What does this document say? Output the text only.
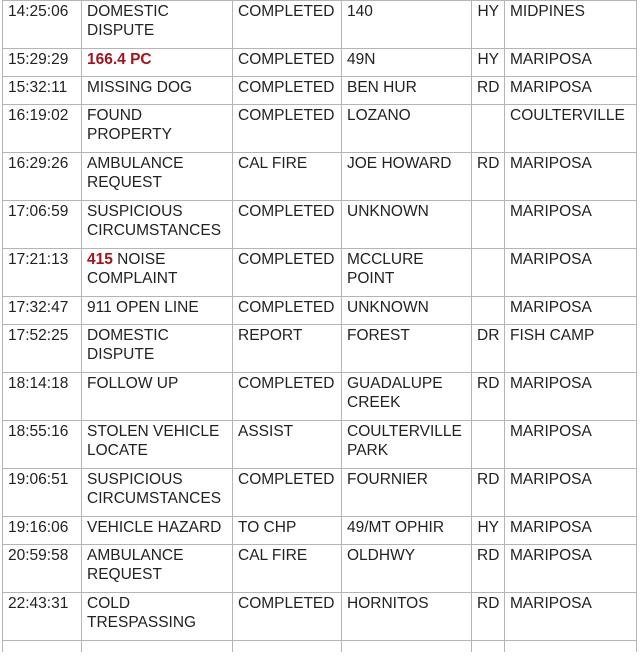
14:25:06	DOMESTIC DISPUTE	COMPLETED	140	HY	MIDPINES
15:29:29	166.4 PC	COMPLETED	49N	HY	MARIPOSA
15:32:11	MISSING DOG	COMPLETED	BEN HUR	RD	MARIPOSA
16:19:02	FOUND PROPERTY	COMPLETED	LOZANO		COULTERVILLE
16:29:26	AMBULANCE REQUEST	CAL FIRE	JOE HOWARD	RD	MARIPOSA
17:06:59	SUSPICIOUS CIRCUMSTANCES	COMPLETED	UNKNOWN		MARIPOSA
17:21:13	415 NOISE COMPLAINT	COMPLETED	MCCLURE POINT		MARIPOSA
17:32:47	911 OPEN LINE	COMPLETED	UNKNOWN		MARIPOSA
17:52:25	DOMESTIC DISPUTE	REPORT	FOREST	DR	FISH CAMP
18:14:18	FOLLOW UP	COMPLETED	GUADALUPE CREEK	RD	MARIPOSA
18:55:16	STOLEN VEHICLE LOCATE	ASSIST	COULTERVILLE PARK		MARIPOSA
19:06:51	SUSPICIOUS CIRCUMSTANCES	COMPLETED	FOURNIER	RD	MARIPOSA
19:16:06	VEHICLE HAZARD	TO CHP	49/MT OPHIR	HY	MARIPOSA
20:59:58	AMBULANCE REQUEST	CAL FIRE	OLDHWY	RD	MARIPOSA
22:43:31	COLD TRESPASSING	COMPLETED	HORNITOS	RD	MARIPOSA
